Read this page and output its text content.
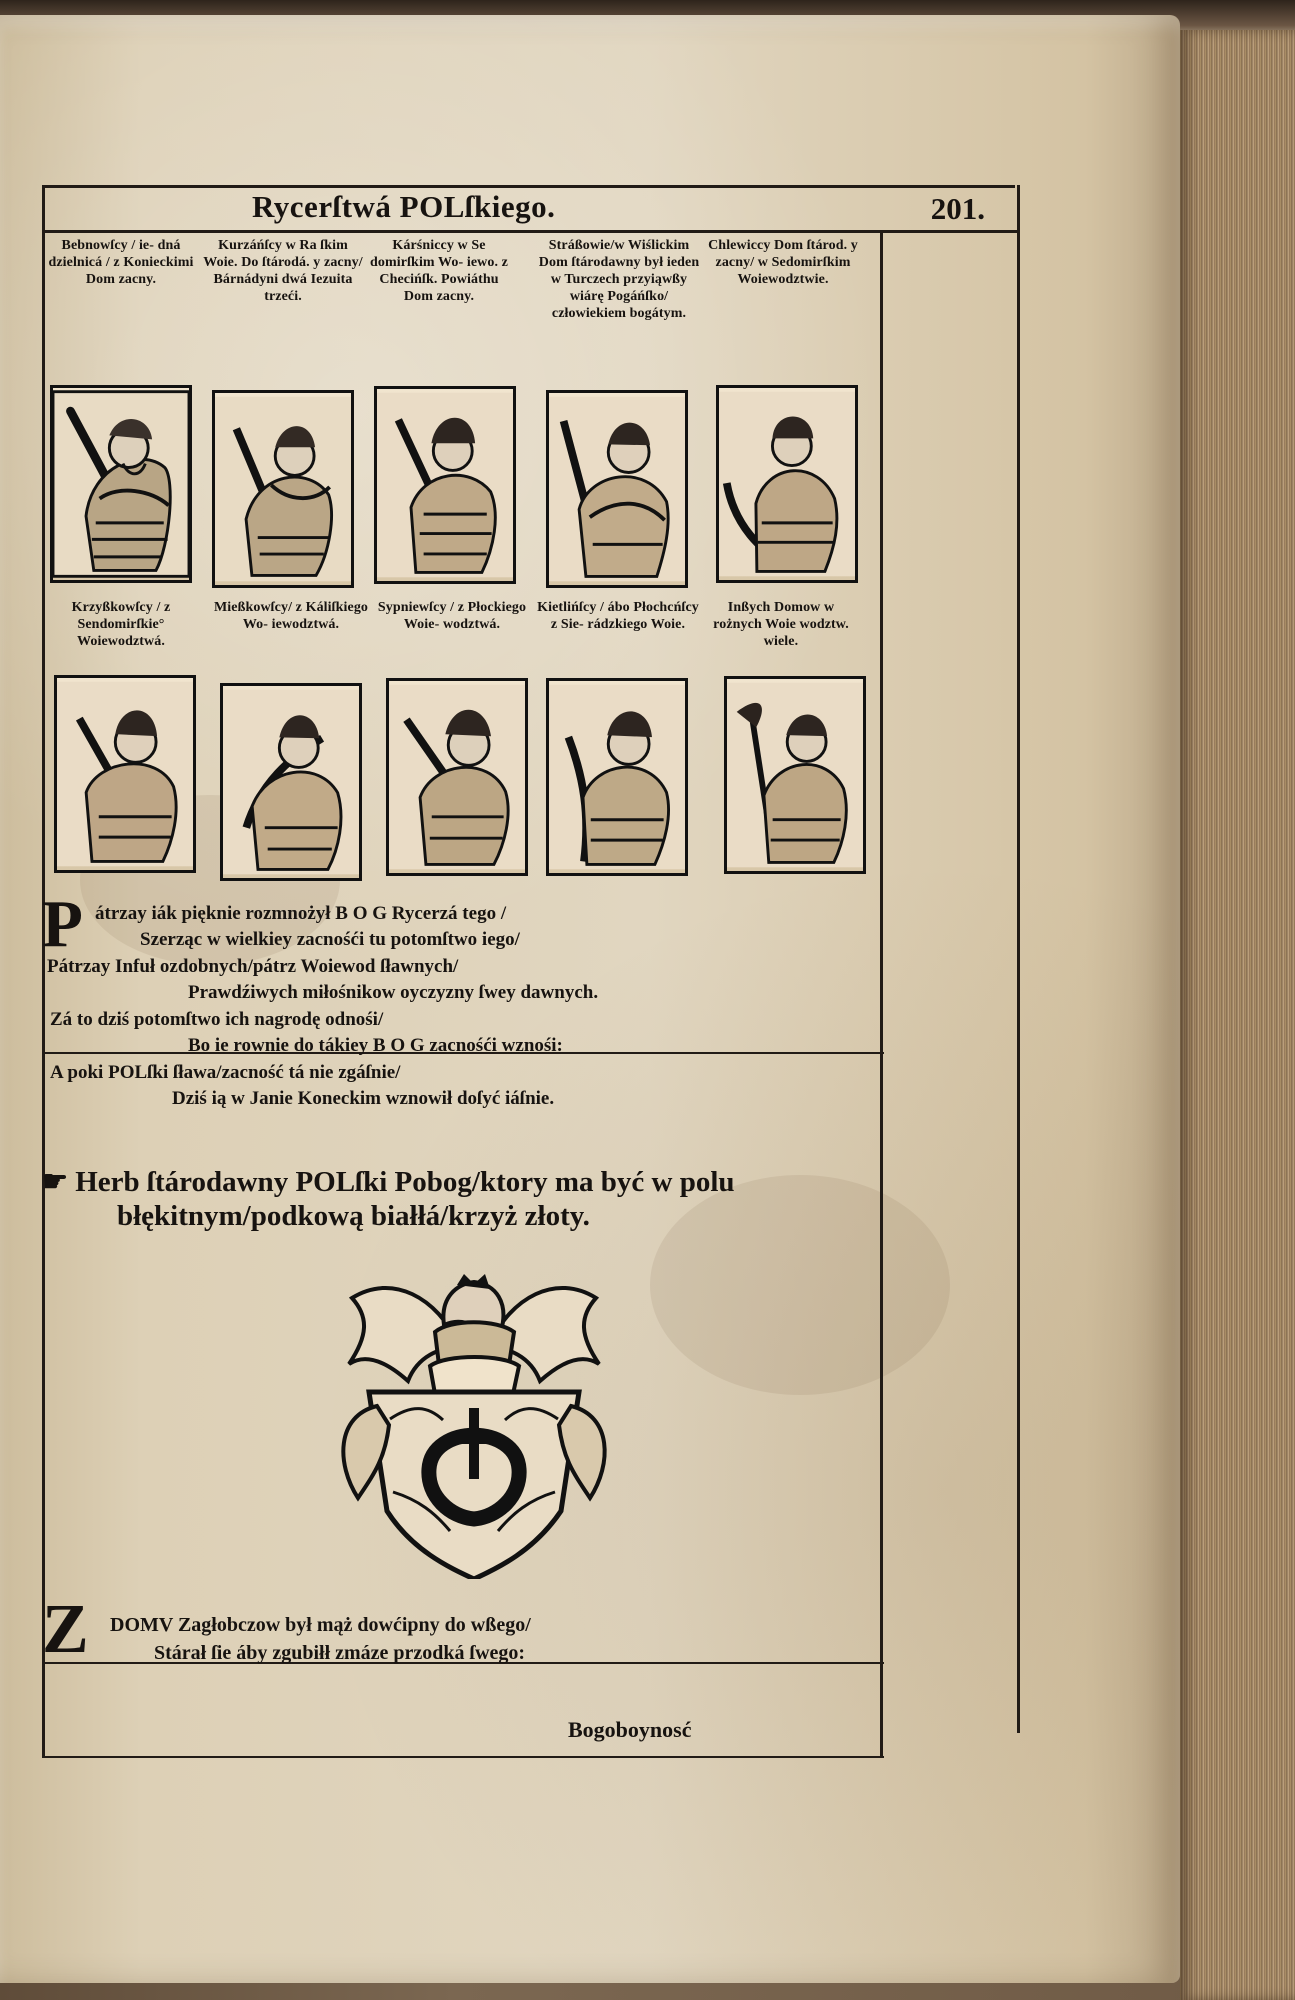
Rycerſtwá POLſkiego.	201.
Bebnowſcy / ie- dná dzielnicá / z Konieckimi Dom zacny.
Kurzáńſcy w Ra ſkim Woie. Do ſtárodá. y zacny/ Bárnádyni dwá Iezuita trzeći.
Kárśniccy w Se domirſkim Wo- iewo. z Checińſk. Powiáthu Dom zacny.
Stráßowie/w Wiślickim Dom ſtárodawny był ieden w Turczech przyiąwßy wiárę Pogáńſko/ człowiekiem bogátym.
Chlewiccy Dom ſtárod. y zacny/ w Sedomirſkim Woiewodztwie.
Krzyßkowſcy / z Sendomirſkie° Woiewodztwá.
Mießkowſcy/ z Káliſkiego Wo- iewodztwá.
Sypniewſcy / z Płockiego Woie- wodztwá.
Kietlińſcy / ábo Płochcńſcy z Sie- rádzkiego Woie.
Inßych Domow w rożnych Woie wodztw. wiele.
P átrzay iák pięknie rozmnożył B O G Rycerzá tego /
Szerząc w wielkiey zacnośći tu potomſtwo iego/
Pátrzay Infuł ozdobnych/pátrz Woiewod ſławnych/
Prawdźiwych miłośnikow oyczyzny ſwey dawnych.
Zá to dziś potomſtwo ich nagrodę odnośi/
Bo ie rownie do tákiey B O G zacnośći wznośi:
A poki POLſki ſława/zacność tá nie zgáſnie/
Dziś ią w Janie Koneckim wznowił doſyć iáſnie.
☛ Herb ſtárodawny POLſki Pobog/ktory ma być w polu
błękitnym/podkową białłá/krzyż złoty.
Z	DOMV Zagłobczow był mąż dowćipny do wßego/
Stárał ſie áby zgubiłł zmáze przodká ſwego:
Bogoboynosć
